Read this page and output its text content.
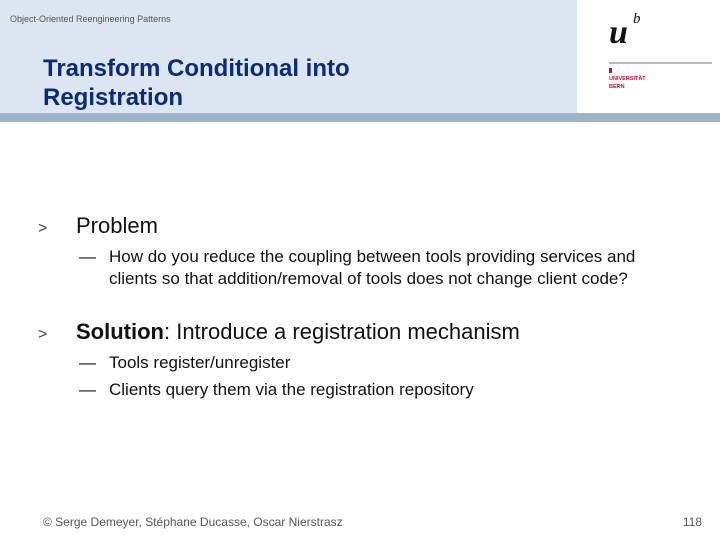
Object-Oriented Reengineering Patterns
Transform Conditional into
Registration
u b
UNIVERSITÄT
BERN
>	Problem
— How do you reduce the coupling between tools providing services and clients so that addition/removal of tools does not change client code?
>	Solution: Introduce a registration mechanism
— Tools register/unregister
— Clients query them via the registration repository
© Serge Demeyer, Stéphane Ducasse, Oscar Nierstrasz	118
